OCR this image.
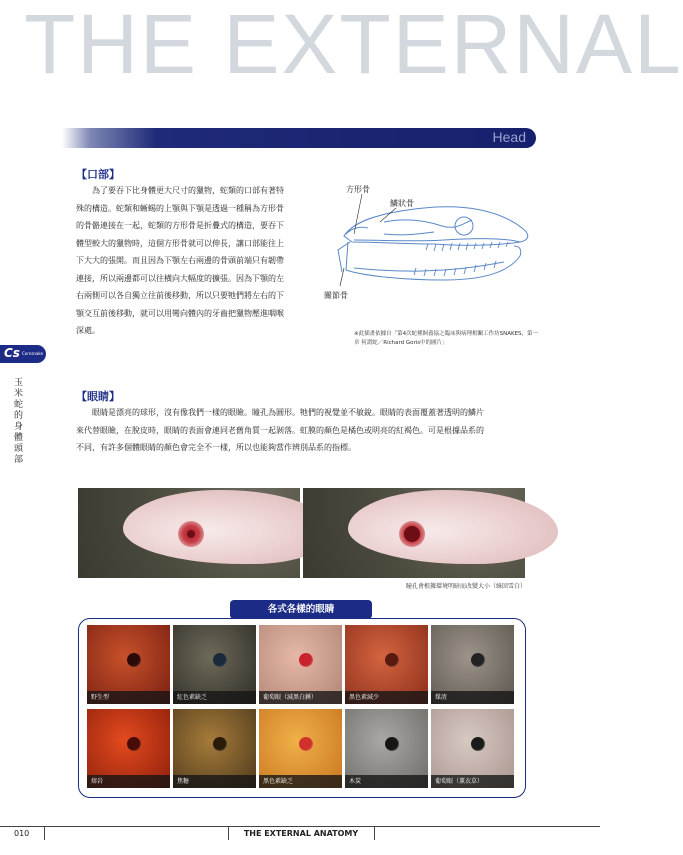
THE EXTERNAL
Head
【口部】

為了要吞下比身體更大尺寸的獵物，蛇類的口部有著特

殊的構造。蛇類和蜥蜴的上顎與下顎是透過一種稱為方形骨

的骨骼連接在一起，蛇類的方形骨是折疊式的構造，要吞下

體型較大的獵物時，這個方形骨就可以伸長，讓口部能往上

下大大的張開。而且因為下顎左右兩邊的骨頭前端只有韌帶

連接，所以兩邊都可以往橫向大幅度的擴張。因為下顎的左

右兩側可以各自獨立往前後移動，所以只要牠們將左右的下

顎交互前後移動，就可以用彎向體內的牙齒把獵物壓進咽喉

深處。

方形骨
鱗狀骨
關節骨
※此插畫依據自「第4次蛇種飼養協之臨床與病理相關工作坊SNAKES，第一
章 何謂蛇／Richard Goris中的圖片」
Cs Cornsnake
玉米蛇的身體　頭部
【眼睛】

眼睛是漂亮的球形，沒有像我們一樣的眼瞼。瞳孔為圓形。牠們的視覺並不敏銳。眼睛的表面覆蓋著透明的鱗片

來代替眼瞼，在脫皮時，眼睛的表面會連同老舊角質一起剝落。虹膜的顏色是橘色或明亮的紅褐色。可是根據品系的

不同，有許多個體眼睛的顏色會完全不一樣，所以也能夠當作辨別品系的指標。

瞳孔會根據環境明暗而改變大小（綠回雪白）
各式各樣的眼睛
野生型	紅色素缺乏	葡萄眼（減黑白錘）	黑色素減少	煤渣
熔岩	焦糖	黑色素缺乏	木炭	葡萄眼（薰衣草）
010	THE EXTERNAL ANATOMY
